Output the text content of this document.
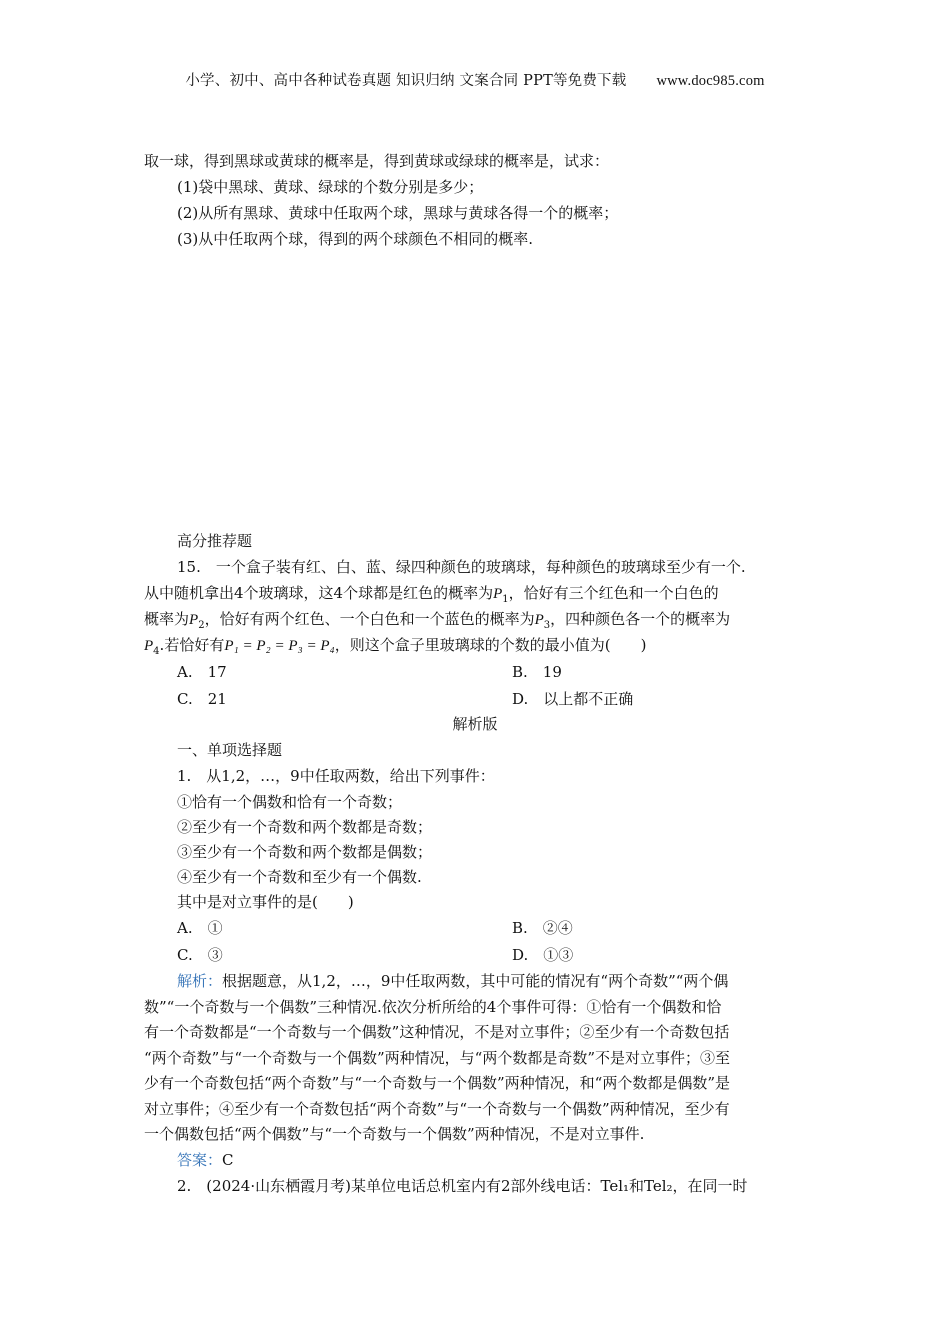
小学、初中、高中各种试卷真题 知识归纳 文案合同 PPT等免费下载 www.doc985.com
取一球，得到黑球或黄球的概率是，得到黄球或绿球的概率是，试求：
(1)袋中黑球、黄球、绿球的个数分别是多少；
(2)从所有黑球、黄球中任取两个球，黑球与黄球各得一个的概率；
(3)从中任取两个球，得到的两个球颜色不相同的概率.
高分推荐题
15.　一个盒子装有红、白、蓝、绿四种颜色的玻璃球，每种颜色的玻璃球至少有一个.
从中随机拿出4个玻璃球，这4个球都是红色的概率为$P_1$，恰好有三个红色和一个白色的
概率为$P_2$，恰好有两个红色、一个白色和一个蓝色的概率为$P_3$，四种颜色各一个的概率为
$P_4$.若恰好有P₁ = P₂ = P₃ = P₄，则这个盒子里玻璃球的个数的最小值为(　　)
A.　17	B.　19
C.　21	D.　以上都不正确
解析版
一、单项选择题
1.　从1,2，…，9中任取两数，给出下列事件：
①恰有一个偶数和恰有一个奇数；
②至少有一个奇数和两个数都是奇数；
③至少有一个奇数和两个数都是偶数；
④至少有一个奇数和至少有一个偶数.
其中是对立事件的是(　　)
A.　①	B.　②④
C.　③	D.　①③
解析：根据题意，从1,2，…，9中任取两数，其中可能的情况有“两个奇数”“两个偶
数”“一个奇数与一个偶数”三种情况.依次分析所给的4个事件可得：①恰有一个偶数和恰
有一个奇数都是“一个奇数与一个偶数”这种情况，不是对立事件；②至少有一个奇数包括
“两个奇数”与“一个奇数与一个偶数”两种情况，与“两个数都是奇数”不是对立事件；③至
少有一个奇数包括“两个奇数”与“一个奇数与一个偶数”两种情况，和“两个数都是偶数”是
对立事件；④至少有一个奇数包括“两个奇数”与“一个奇数与一个偶数”两种情况，至少有
一个偶数包括“两个偶数”与“一个奇数与一个偶数”两种情况，不是对立事件.
答案：C
2.　(2024·山东栖霞月考)某单位电话总机室内有2部外线电话：Tel₁和Tel₂，在同一时
